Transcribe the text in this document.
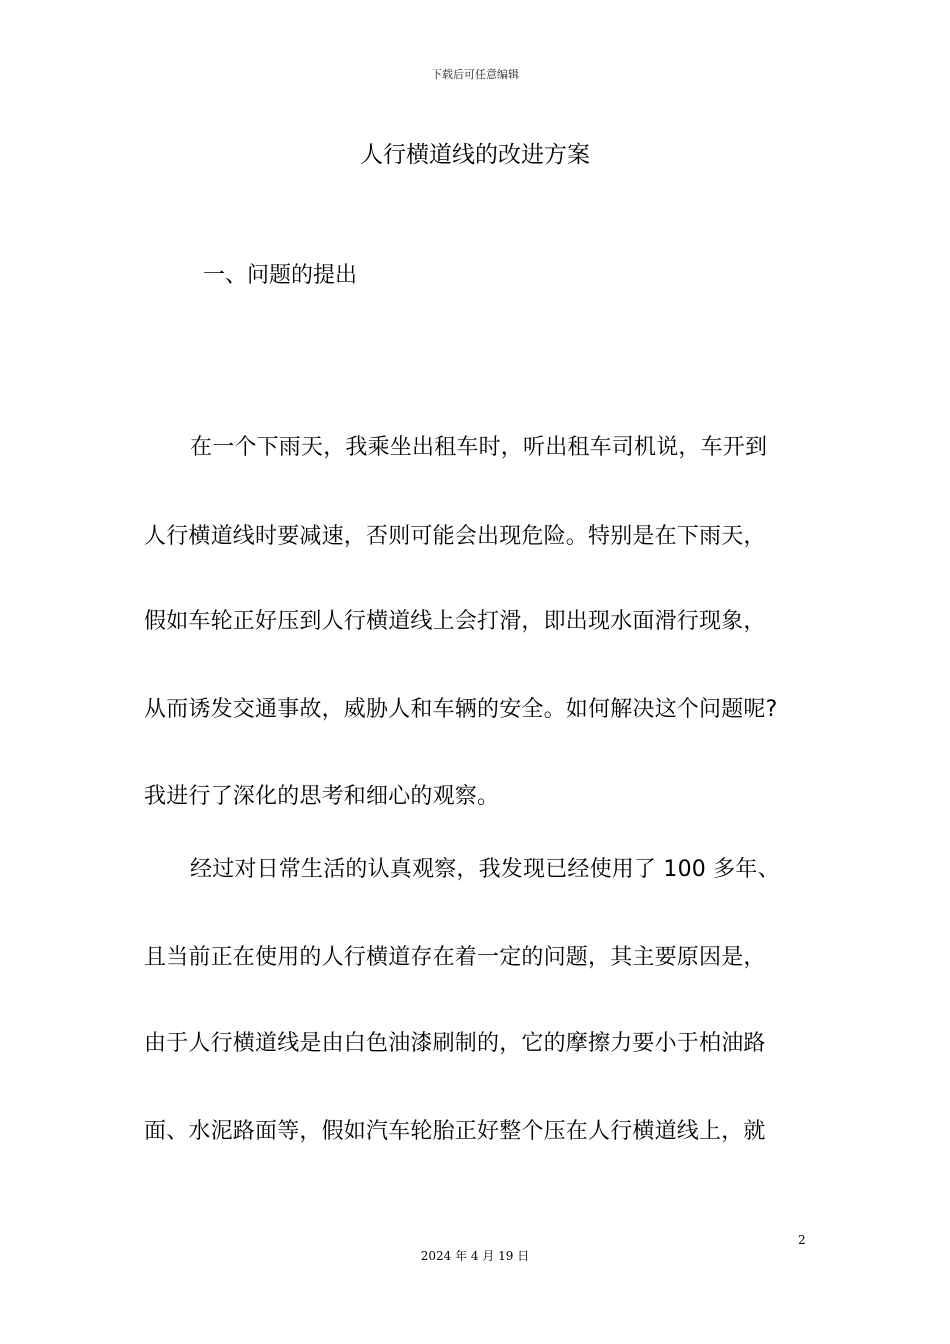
下载后可任意编辑
人行横道线的改进方案
一、问题的提出
在一个下雨天，我乘坐出租车时，听出租车司机说，车开到
人行横道线时要减速，否则可能会出现危险。特别是在下雨天，
假如车轮正好压到人行横道线上会打滑，即出现水面滑行现象，
从而诱发交通事故，威胁人和车辆的安全。如何解决这个问题呢?
我进行了深化的思考和细心的观察。
经过对日常生活的认真观察，我发现已经使用了 100 多年、
且当前正在使用的人行横道存在着一定的问题，其主要原因是，
由于人行横道线是由白色油漆刷制的，它的摩擦力要小于柏油路
面、水泥路面等，假如汽车轮胎正好整个压在人行横道线上，就
2
2024 年 4 月 19 日
